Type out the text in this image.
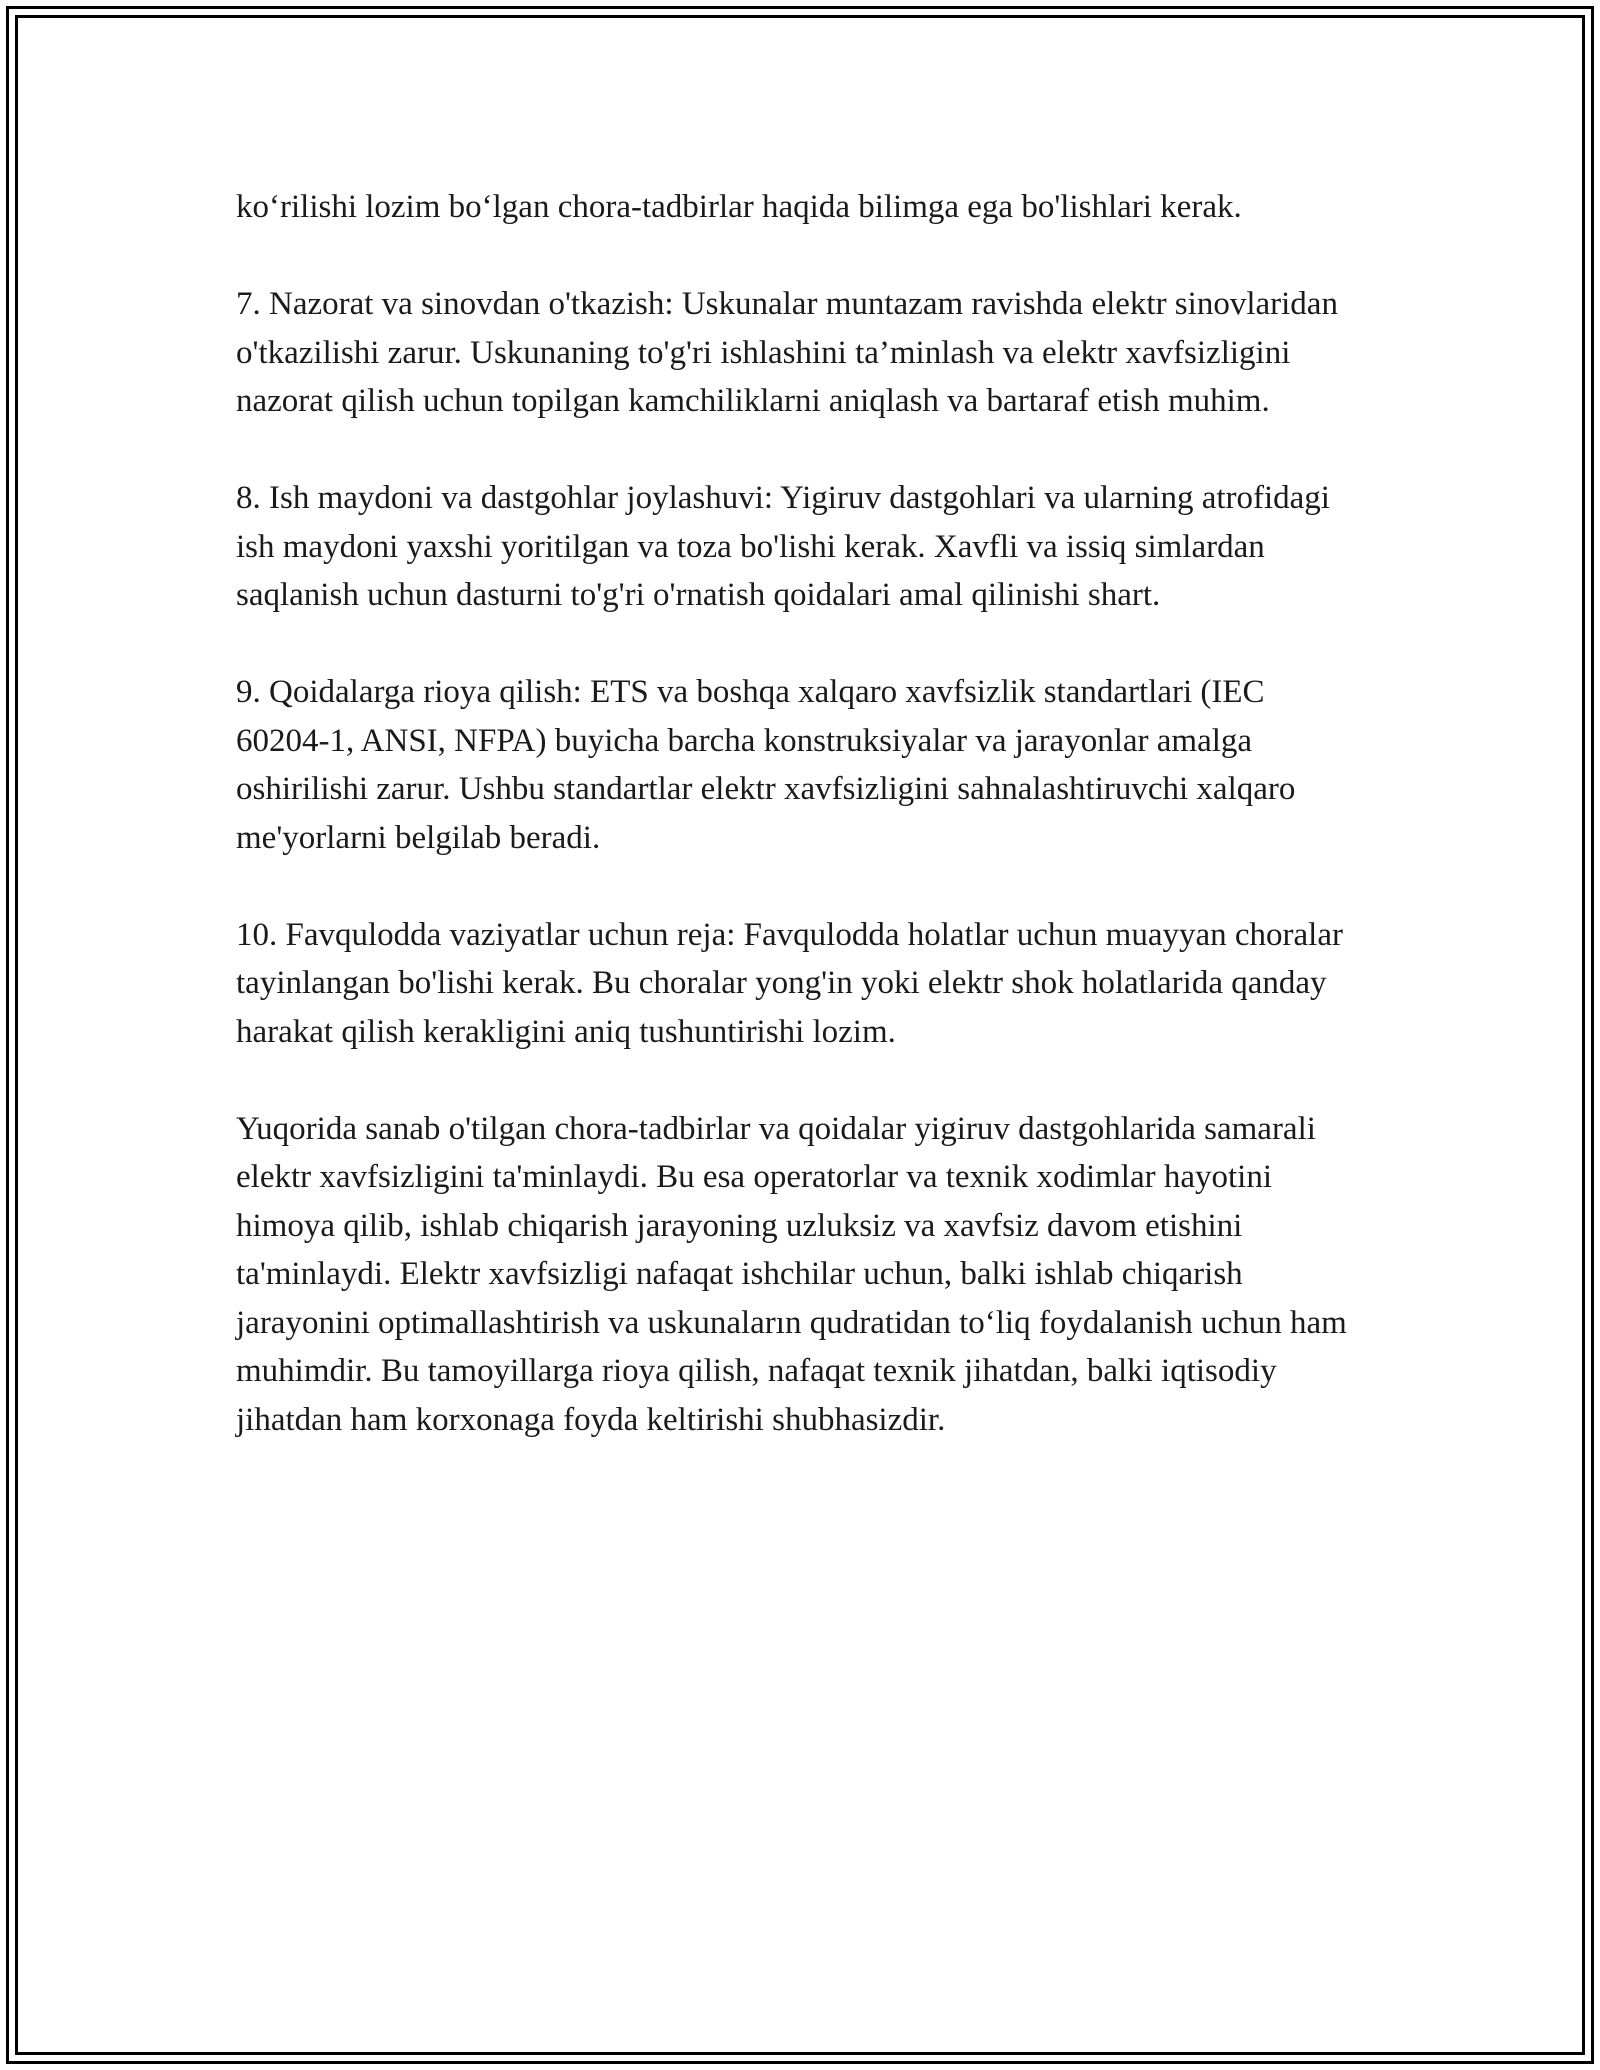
ko‘rilishi lozim bo‘lgan chora-tadbirlar haqida bilimga ega bo'lishlari kerak.

7. Nazorat va sinovdan o'tkazish: Uskunalar muntazam ravishda elektr sinovlaridan o'tkazilishi zarur. Uskunaning to'g'ri ishlashini ta’minlash va elektr xavfsizligini nazorat qilish uchun topilgan kamchiliklarni aniqlash va bartaraf etish muhim.

8. Ish maydoni va dastgohlar joylashuvi: Yigiruv dastgohlari va ularning atrofidagi ish maydoni yaxshi yoritilgan va toza bo'lishi kerak. Xavfli va issiq simlardan saqlanish uchun dasturni to'g'ri o'rnatish qoidalari amal qilinishi shart.

9. Qoidalarga rioya qilish: ETS va boshqa xalqaro xavfsizlik standartlari (IEC 60204-1, ANSI, NFPA) buyicha barcha konstruksiyalar va jarayonlar amalga oshirilishi zarur. Ushbu standartlar elektr xavfsizligini sahnalashtiruvchi xalqaro me'yorlarni belgilab beradi.

10. Favqulodda vaziyatlar uchun reja: Favqulodda holatlar uchun muayyan choralar tayinlangan bo'lishi kerak. Bu choralar yong'in yoki elektr shok holatlarida qanday harakat qilish kerakligini aniq tushuntirishi lozim.

Yuqorida sanab o'tilgan chora-tadbirlar va qoidalar yigiruv dastgohlarida samarali elektr xavfsizligini ta'minlaydi. Bu esa operatorlar va texnik xodimlar hayotini himoya qilib, ishlab chiqarish jarayoning uzluksiz va xavfsiz davom etishini ta'minlaydi. Elektr xavfsizligi nafaqat ishchilar uchun, balki ishlab chiqarish jarayonini optimallashtirish va uskunaların qudratidan to‘liq foydalanish uchun ham muhimdir. Bu tamoyillarga rioya qilish, nafaqat texnik jihatdan, balki iqtisodiy jihatdan ham korxonaga foyda keltirishi shubhasizdir.
